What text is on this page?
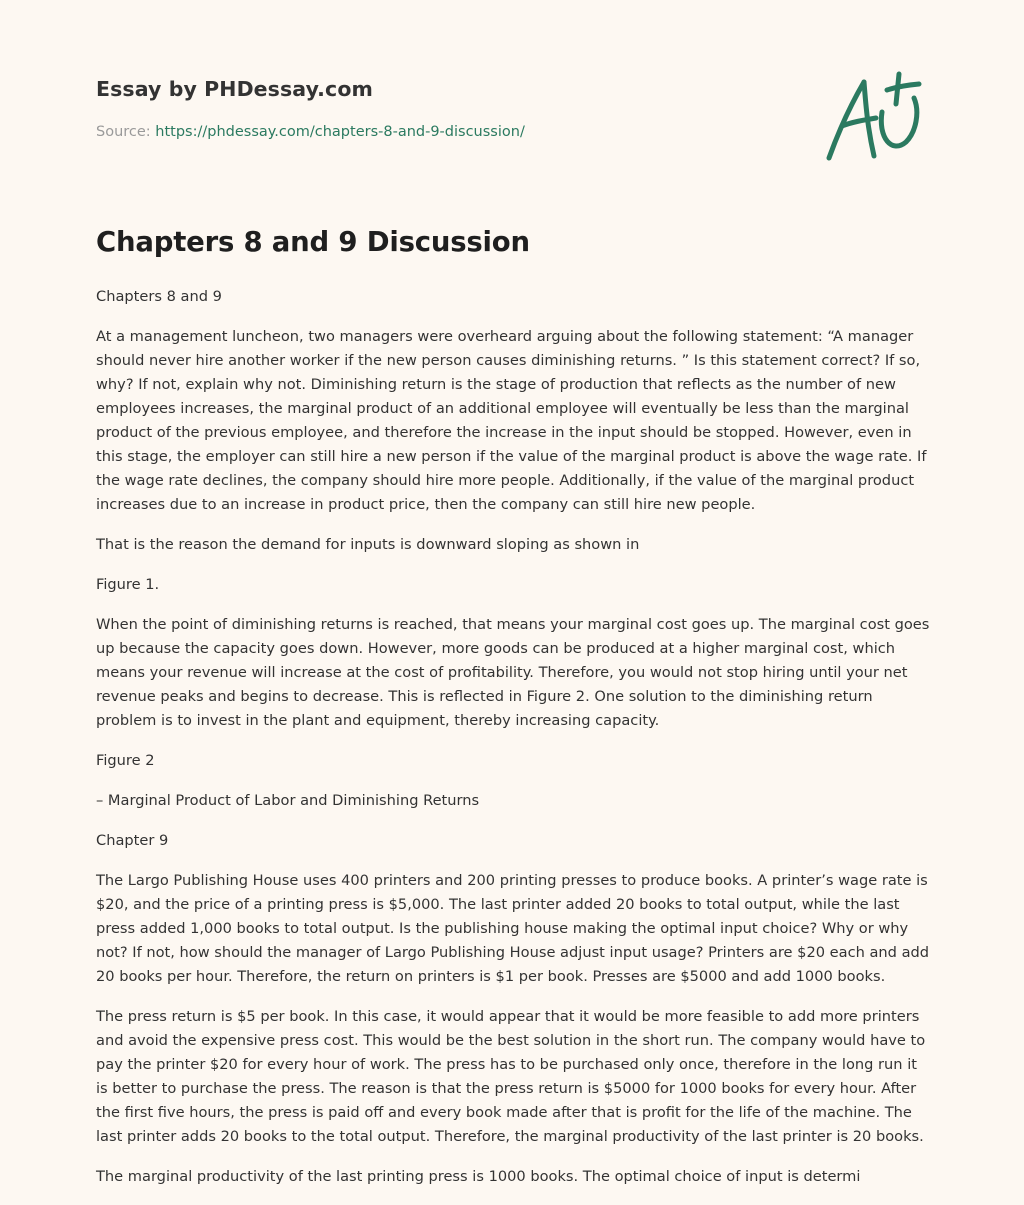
Essay by PHDessay.com

Source: https://phdessay.com/chapters-8-and-9-discussion/

Chapters 8 and 9 Discussion

Chapters 8 and 9

At a management luncheon, two managers were overheard arguing about the following statement: “A manager should never hire another worker if the new person causes diminishing returns. ” Is this statement correct? If so, why? If not, explain why not. Diminishing return is the stage of production that reflects as the number of new employees increases, the marginal product of an additional employee will eventually be less than the marginal product of the previous employee, and therefore the increase in the input should be stopped. However, even in this stage, the employer can still hire a new person if the value of the marginal product is above the wage rate. If the wage rate declines, the company should hire more people. Additionally, if the value of the marginal product increases due to an increase in product price, then the company can still hire new people.

That is the reason the demand for inputs is downward sloping as shown in

Figure 1.

When the point of diminishing returns is reached, that means your marginal cost goes up. The marginal cost goes up because the capacity goes down. However, more goods can be produced at a higher marginal cost, which means your revenue will increase at the cost of profitability. Therefore, you would not stop hiring until your net revenue peaks and begins to decrease. This is reflected in Figure 2. One solution to the diminishing return problem is to invest in the plant and equipment, thereby increasing capacity.

Figure 2

– Marginal Product of Labor and Diminishing Returns

Chapter 9

The Largo Publishing House uses 400 printers and 200 printing presses to produce books. A printer’s wage rate is $20, and the price of a printing press is $5,000. The last printer added 20 books to total output, while the last press added 1,000 books to total output. Is the publishing house making the optimal input choice? Why or why not? If not, how should the manager of Largo Publishing House adjust input usage? Printers are $20 each and add 20 books per hour. Therefore, the return on printers is $1 per book. Presses are $5000 and add 1000 books.

The press return is $5 per book. In this case, it would appear that it would be more feasible to add more printers and avoid the expensive press cost. This would be the best solution in the short run. The company would have to pay the printer $20 for every hour of work. The press has to be purchased only once, therefore in the long run it is better to purchase the press. The reason is that the press return is $5000 for 1000 books for every hour. After the first five hours, the press is paid off and every book made after that is profit for the life of the machine. The last printer adds 20 books to the total output. Therefore, the marginal productivity of the last printer is 20 books.

The marginal productivity of the last printing press is 1000 books. The optimal choice of input is determi
